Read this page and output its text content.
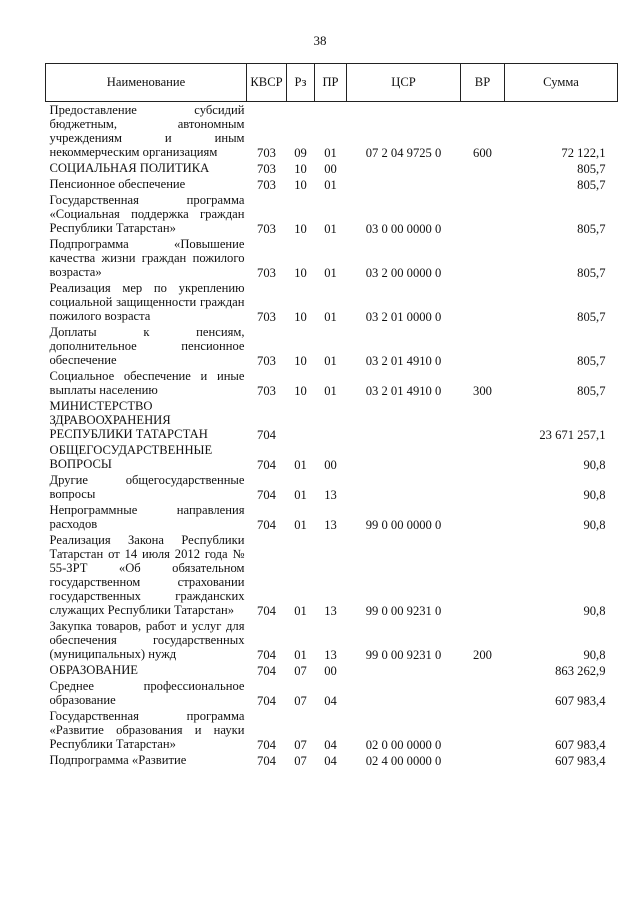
38
Наименование	КВСР	Рз	ПР	ЦСР	ВР	Сумма
Предоставление субсидий бюджетным, автономным учреждениям и иным некоммерческим организациям	703	09	01	07 2 04 9725 0	600	72 122,1
СОЦИАЛЬНАЯ ПОЛИТИКА	703	10	00			805,7
Пенсионное обеспечение	703	10	01			805,7
Государственная программа «Социальная поддержка граждан Республики Татарстан»	703	10	01	03 0 00 0000 0		805,7
Подпрограмма «Повышение качества жизни граждан пожилого возраста»	703	10	01	03 2 00 0000 0		805,7
Реализация мер по укреплению социальной защищенности граждан пожилого возраста	703	10	01	03 2 01 0000 0		805,7
Доплаты к пенсиям, дополнительное пенсионное обеспечение	703	10	01	03 2 01 4910 0		805,7
Социальное обеспечение и иные выплаты населению	703	10	01	03 2 01 4910 0	300	805,7
МИНИСТЕРСТВО ЗДРАВООХРАНЕНИЯ РЕСПУБЛИКИ ТАТАРСТАН	704					23 671 257,1
ОБЩЕГОСУДАРСТВЕННЫЕ ВОПРОСЫ	704	01	00			90,8
Другие общегосударственные вопросы	704	01	13			90,8
Непрограммные направления расходов	704	01	13	99 0 00 0000 0		90,8
Реализация Закона Республики Татарстан от 14 июля 2012 года № 55-ЗРТ «Об обязательном государственном страховании государственных гражданских служащих Республики Татарстан»	704	01	13	99 0 00 9231 0		90,8
Закупка товаров, работ и услуг для обеспечения государственных (муниципальных) нужд	704	01	13	99 0 00 9231 0	200	90,8
ОБРАЗОВАНИЕ	704	07	00			863 262,9
Среднее профессиональное образование	704	07	04			607 983,4
Государственная программа «Развитие образования и науки Республики Татарстан»	704	07	04	02 0 00 0000 0		607 983,4
Подпрограмма «Развитие	704	07	04	02 4 00 0000 0		607 983,4
